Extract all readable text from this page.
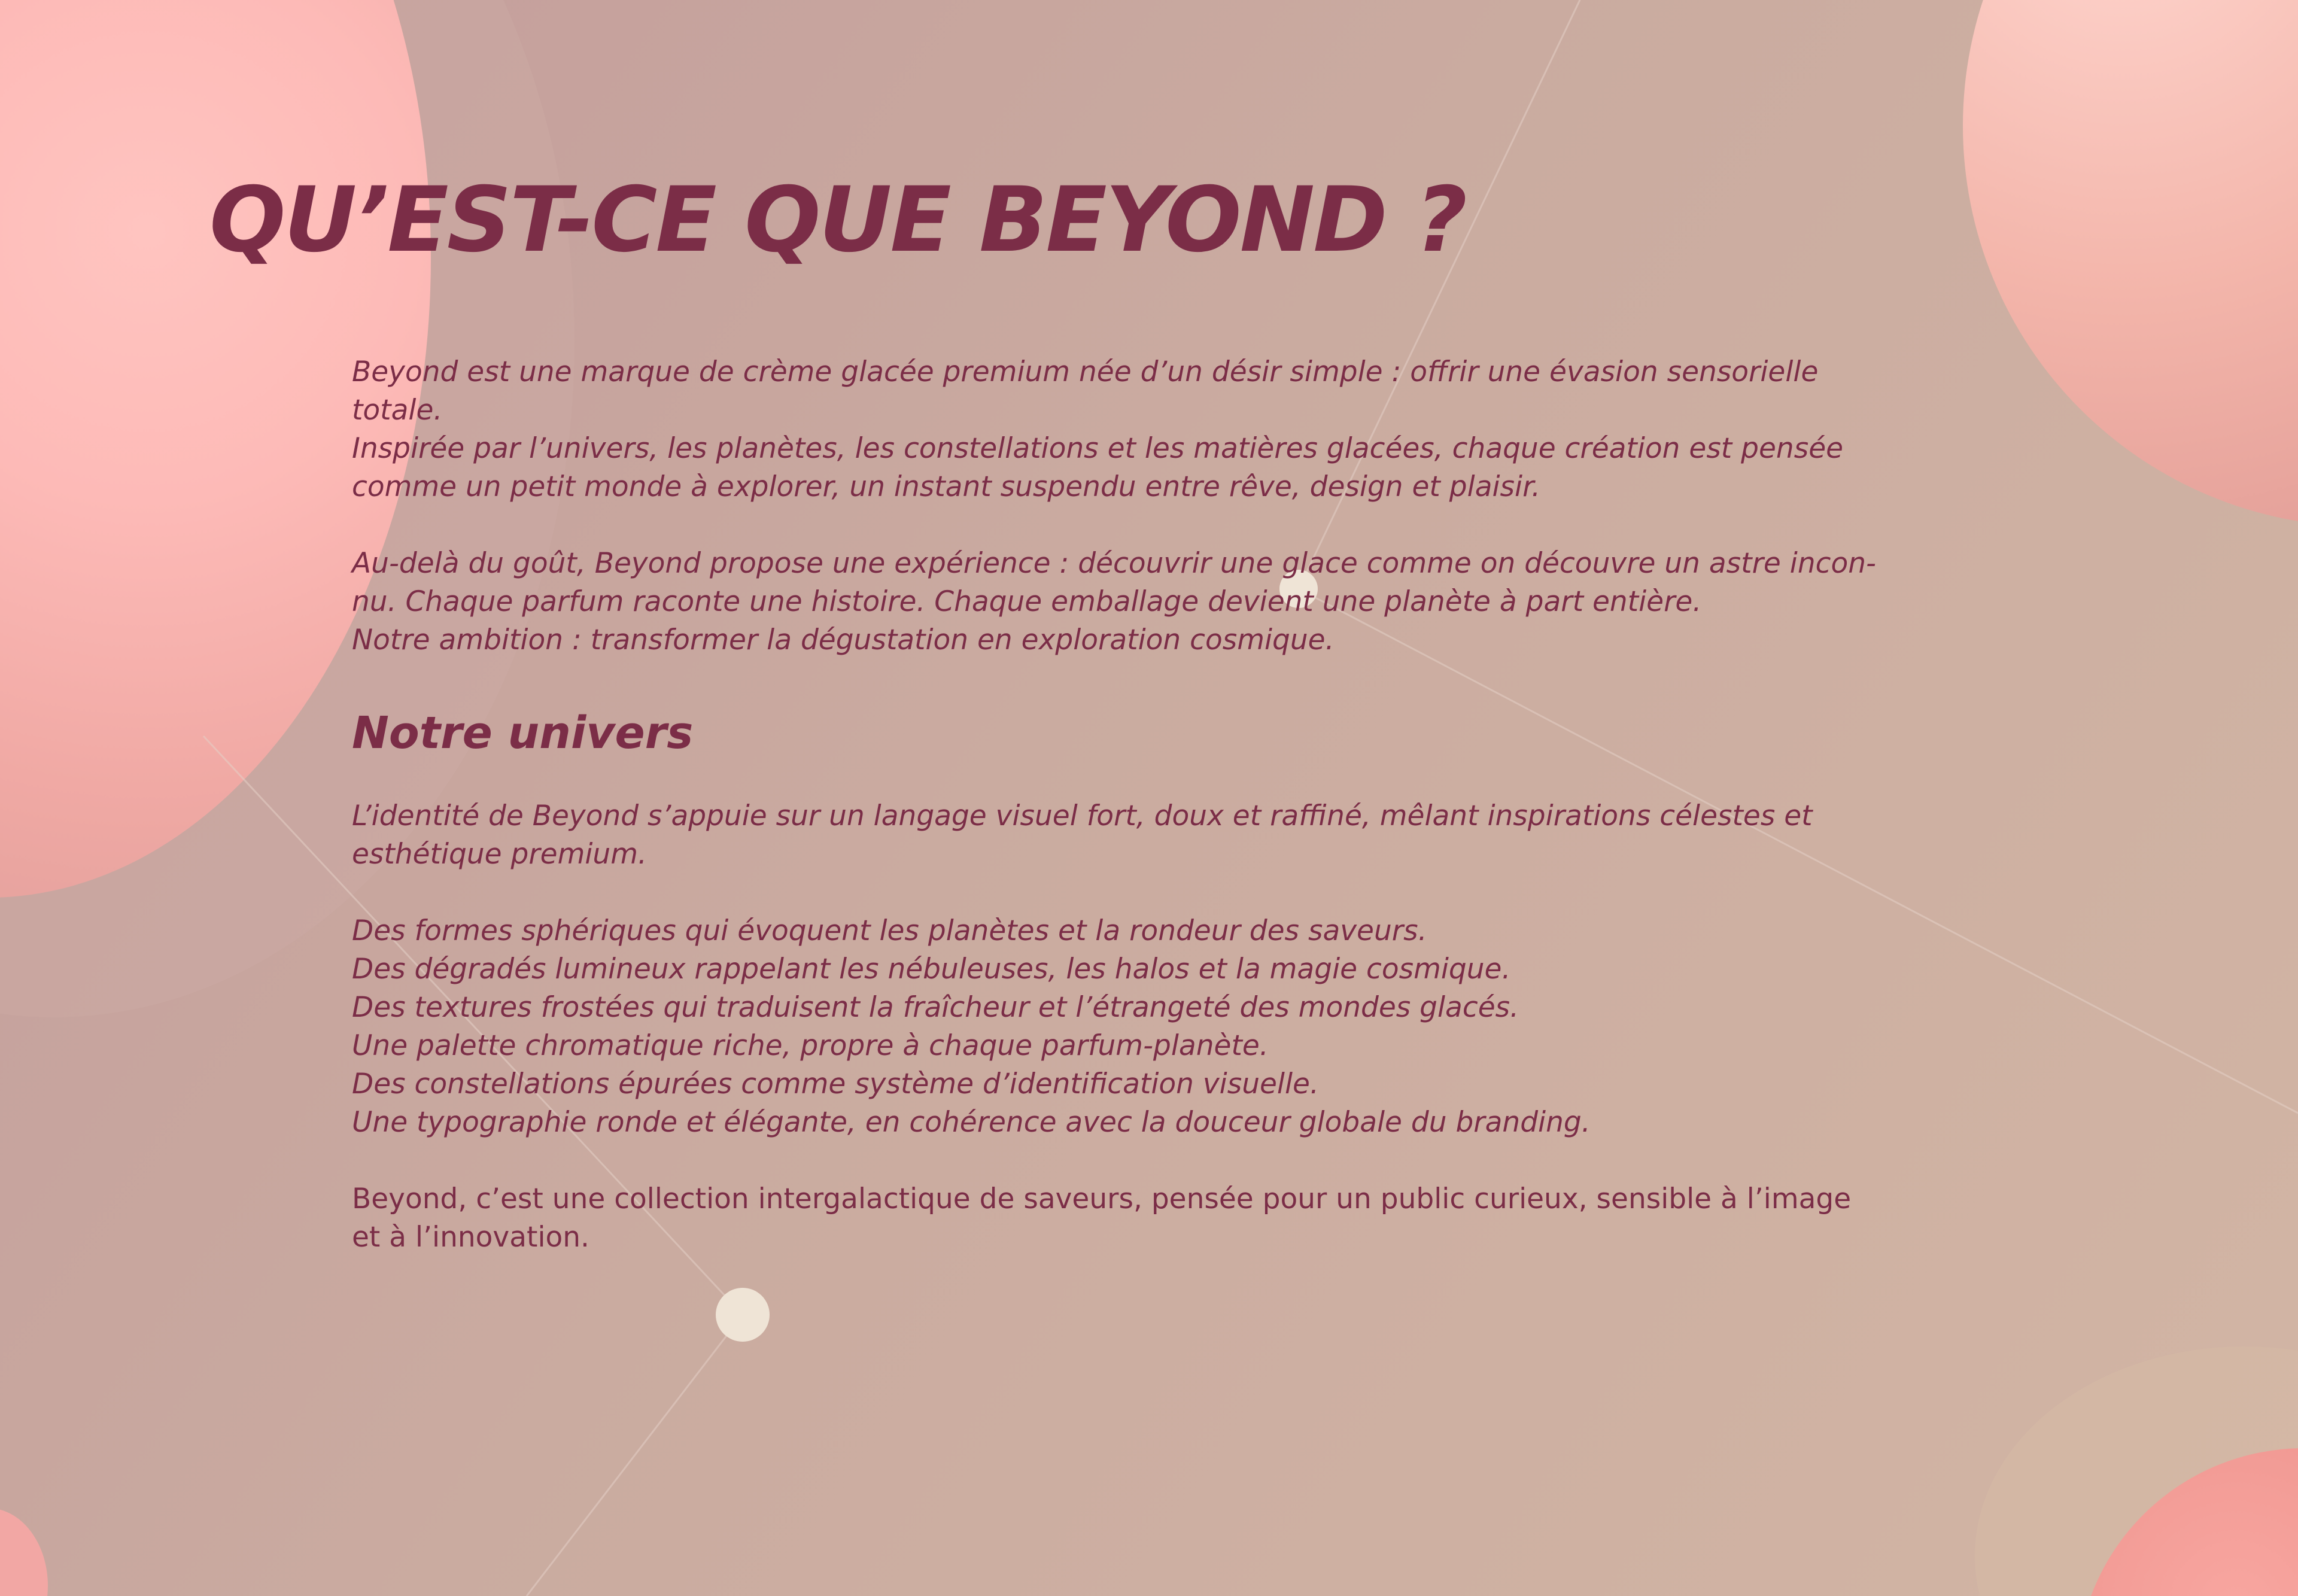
QU’EST-CE QUE BEYOND ?

Beyond est une marque de crème glacée premium née d’un désir simple : offrir une évasion sensorielle
totale.
Inspirée par l’univers, les planètes, les constellations et les matières glacées, chaque création est pensée
comme un petit monde à explorer, un instant suspendu entre rêve, design et plaisir.

Au-delà du goût, Beyond propose une expérience : découvrir une glace comme on découvre un astre incon-
nu. Chaque parfum raconte une histoire. Chaque emballage devient une planète à part entière.
Notre ambition : transformer la dégustation en exploration cosmique.

Notre univers

L’identité de Beyond s’appuie sur un langage visuel fort, doux et raffiné, mêlant inspirations célestes et
esthétique premium.

Des formes sphériques qui évoquent les planètes et la rondeur des saveurs.
Des dégradés lumineux rappelant les nébuleuses, les halos et la magie cosmique.
Des textures frostées qui traduisent la fraîcheur et l’étrangeté des mondes glacés.
Une palette chromatique riche, propre à chaque parfum-planète.
Des constellations épurées comme système d’identification visuelle.
Une typographie ronde et élégante, en cohérence avec la douceur globale du branding.

Beyond, c’est une collection intergalactique de saveurs, pensée pour un public curieux, sensible à l’image
et à l’innovation.
